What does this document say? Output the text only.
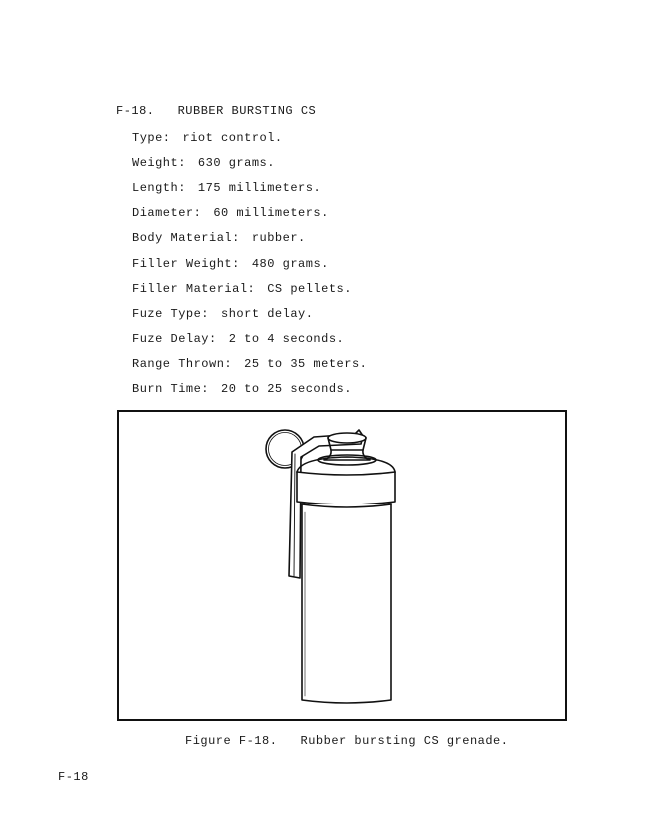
F-18.   RUBBER BURSTING CS
Type: riot control.
Weight: 630 grams.
Length: 175 millimeters.
Diameter: 60 millimeters.
Body Material: rubber.
Filler Weight: 480 grams.
Filler Material: CS pellets.
Fuze Type: short delay.
Fuze Delay: 2 to 4 seconds.
Range Thrown: 25 to 35 meters.
Burn Time: 20 to 25 seconds.
Figure F-18.   Rubber bursting CS grenade.
F-18
